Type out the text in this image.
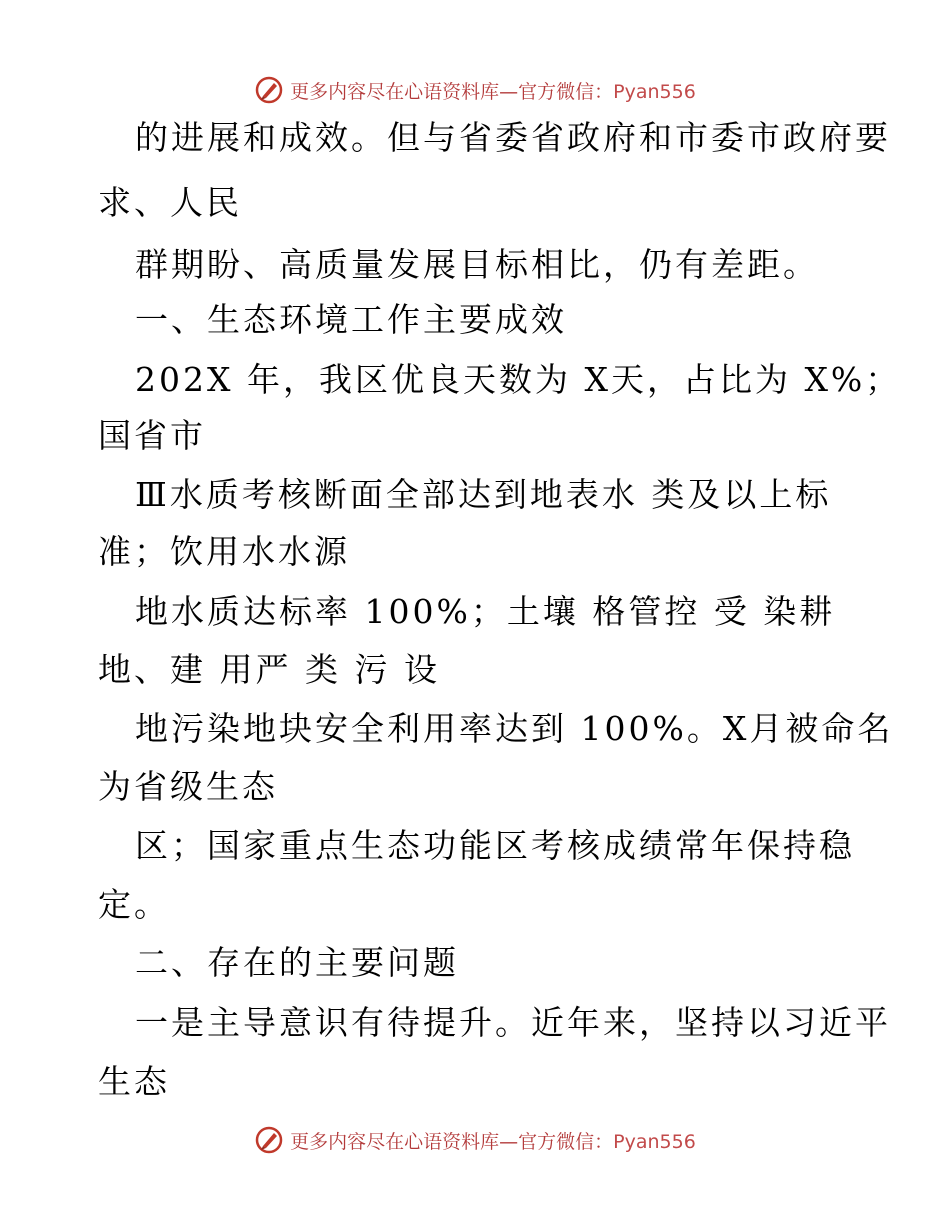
更多内容尽在心语资料库—官方微信：Pyan556
的进展和成效。但与省委省政府和市委市政府要
求、人民
群期盼、高质量发展目标相比，仍有差距。
一、生态环境工作主要成效
202X 年，我区优良天数为 X天，占比为 X%；
国省市
Ⅲ水质考核断面全部达到地表水 类及以上标
准；饮用水水源
地水质达标率 100%；土壤 格管控 受 染耕
地、建 用严 类 污 设
地污染地块安全利用率达到 100%。X月被命名
为省级生态
区；国家重点生态功能区考核成绩常年保持稳
定。
二、存在的主要问题
一是主导意识有待提升。近年来，坚持以习近平
生态
更多内容尽在心语资料库—官方微信：Pyan556
